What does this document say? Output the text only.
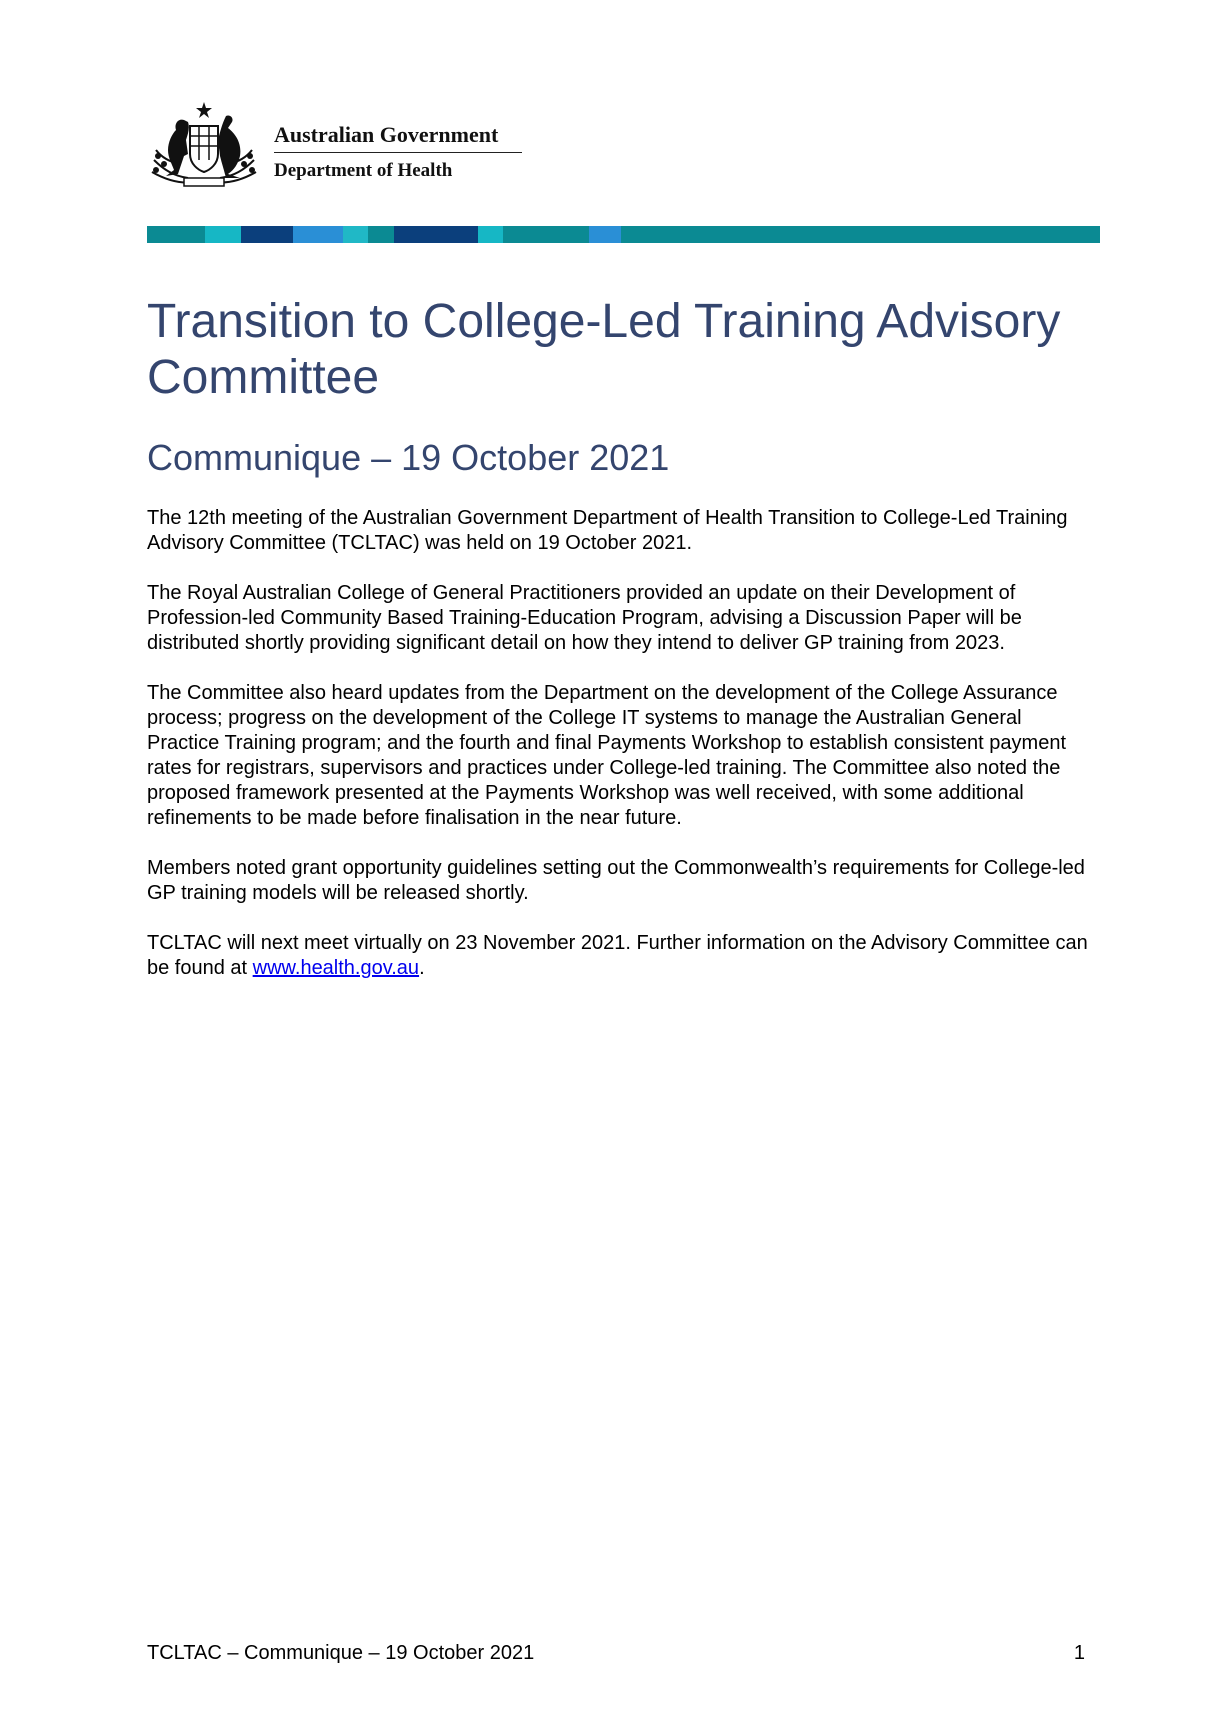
Australian Government
Department of Health
Transition to College-Led Training Advisory Committee
Communique – 19 October 2021

The 12th meeting of the Australian Government Department of Health Transition to College-Led Training Advisory Committee (TCLTAC) was held on 19 October 2021.

The Royal Australian College of General Practitioners provided an update on their Development of Profession-led Community Based Training-Education Program, advising a Discussion Paper will be distributed shortly providing significant detail on how they intend to deliver GP training from 2023.

The Committee also heard updates from the Department on the development of the College Assurance process; progress on the development of the College IT systems to manage the Australian General Practice Training program; and the fourth and final Payments Workshop to establish consistent payment rates for registrars, supervisors and practices under College-led training. The Committee also noted the proposed framework presented at the Payments Workshop was well received, with some additional refinements to be made before finalisation in the near future.

Members noted grant opportunity guidelines setting out the Commonwealth’s requirements for College-led GP training models will be released shortly.

TCLTAC will next meet virtually on 23 November 2021. Further information on the Advisory Committee can be found at www.health.gov.au.

TCLTAC – Communique – 19 October 2021	1
